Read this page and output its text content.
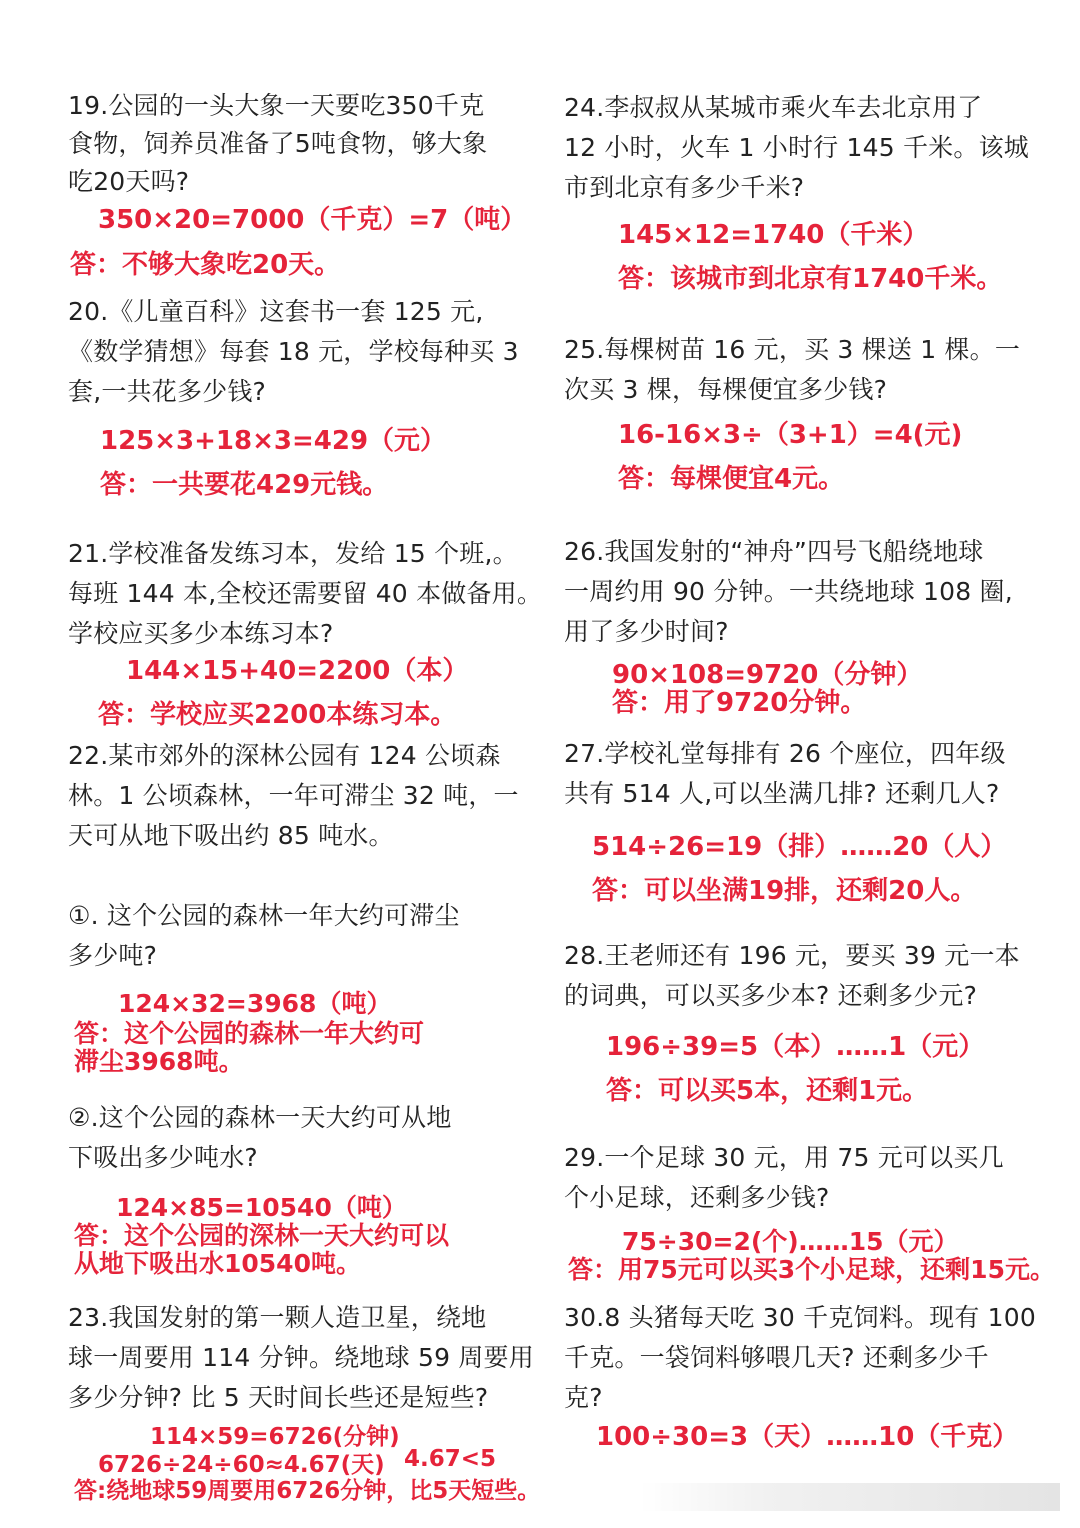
19.公园的一头大象一天要吃350千克

食物，饲养员准备了5吨食物，够大象

吃20天吗?

350×20=7000（千克）=7（吨）

答：不够大象吃20天。

20.《儿童百科》这套书一套 125 元,

《数学猜想》每套 18 元，学校每种买 3

套,一共花多少钱?

125×3+18×3=429（元）

答：一共要花429元钱。

21.学校准备发练习本，发给 15 个班,。

每班 144 本,全校还需要留 40 本做备用。

学校应买多少本练习本?

144×15+40=2200（本）

答：学校应买2200本练习本。

22.某市郊外的深林公园有 124 公顷森

林。1 公顷森林，一年可滞尘 32 吨，一

天可从地下吸出约 85 吨水。

①. 这个公园的森林一年大约可滞尘

多少吨?

124×32=3968（吨）

答：这个公园的森林一年大约可

滞尘3968吨。

②.这个公园的森林一天大约可从地

下吸出多少吨水?

124×85=10540（吨）

答：这个公园的深林一天大约可以

从地下吸出水10540吨。

23.我国发射的第一颗人造卫星，绕地

球一周要用 114 分钟。绕地球 59 周要用

多少分钟? 比 5 天时间长些还是短些?

114×59=6726(分钟)

6726÷24÷60≈4.67(天) 4.67<5

答:绕地球59周要用6726分钟，比5天短些。

24.李叔叔从某城市乘火车去北京用了

12 小时，火车 1 小时行 145 千米。该城

市到北京有多少千米?

145×12=1740（千米）

答：该城市到北京有1740千米。

25.每棵树苗 16 元，买 3 棵送 1 棵。一

次买 3 棵，每棵便宜多少钱?

16-16×3÷（3+1）=4(元)

答：每棵便宜4元。

26.我国发射的“神舟”四号飞船绕地球

一周约用 90 分钟。一共绕地球 108 圈,

用了多少时间?

90×108=9720（分钟）

答：用了9720分钟。

27.学校礼堂每排有 26 个座位，四年级

共有 514 人,可以坐满几排? 还剩几人?

514÷26=19（排）……20（人）

答：可以坐满19排，还剩20人。

28.王老师还有 196 元，要买 39 元一本

的词典，可以买多少本? 还剩多少元?

196÷39=5（本）……1（元）

答：可以买5本，还剩1元。

29.一个足球 30 元，用 75 元可以买几

个小足球，还剩多少钱?

75÷30=2(个)……15（元）

答：用75元可以买3个小足球，还剩15元。

30.8 头猪每天吃 30 千克饲料。现有 100

千克。一袋饲料够喂几天? 还剩多少千

克?

100÷30=3（天）……10（千克）
